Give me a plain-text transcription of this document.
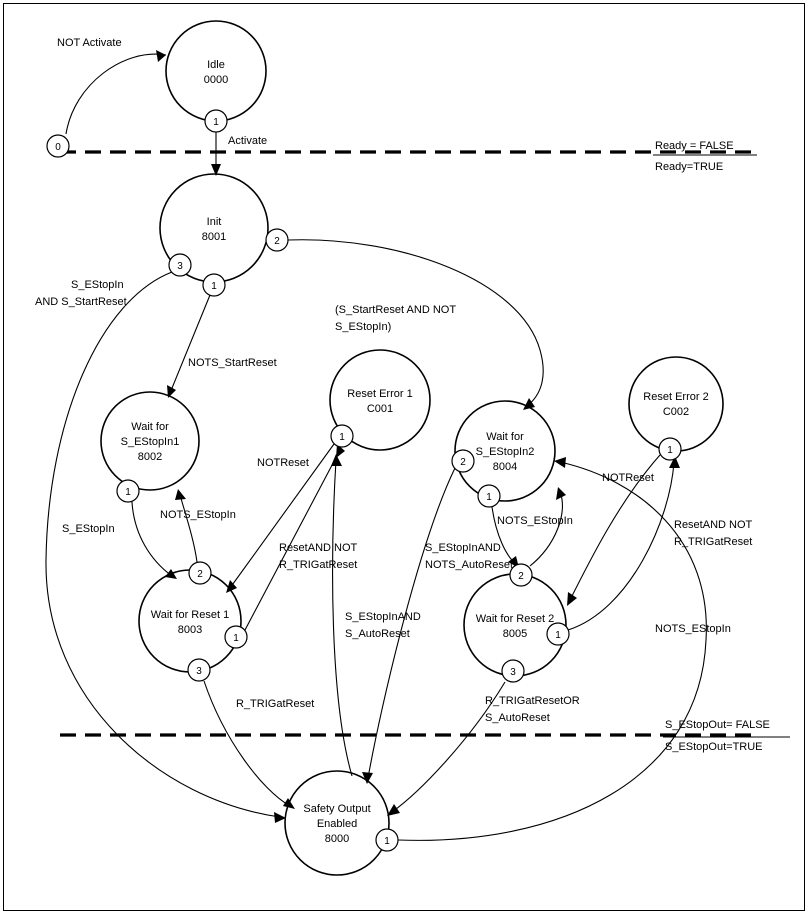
Ready = FALSE
Ready=TRUE
S_EStopOut= FALSE
S_EStopOut=TRUE
Idle
0000
Init
8001
Wait for
S_EStopIn1
8002
Reset Error 1
C001
Wait for
S_EStopIn2
8004
Reset Error 2
C002
Wait for Reset 1
8003
Wait for Reset 2
8005
Safety Output
Enabled
8000
0
1
3
1
2
1
1
2
1
1
2
1
3
2
1
3
1
NOT Activate
Activate
S_EStopIn
AND S_StartReset
NOTS_StartReset
(S_StartReset AND NOT
S_EStopIn)
NOTReset
NOTReset
NOTS_EStopIn	NOTS_EStopIn
NOTS_EStopIn
S_EStopIn
ResetAND NOT
R_TRIGatReset
ResetAND NOT
R_TRIGatReset
S_EStopInAND
NOTS_AutoReset
S_EStopInAND
S_AutoReset
R_TRIGatReset	R_TRIGatResetOR
S_AutoReset
